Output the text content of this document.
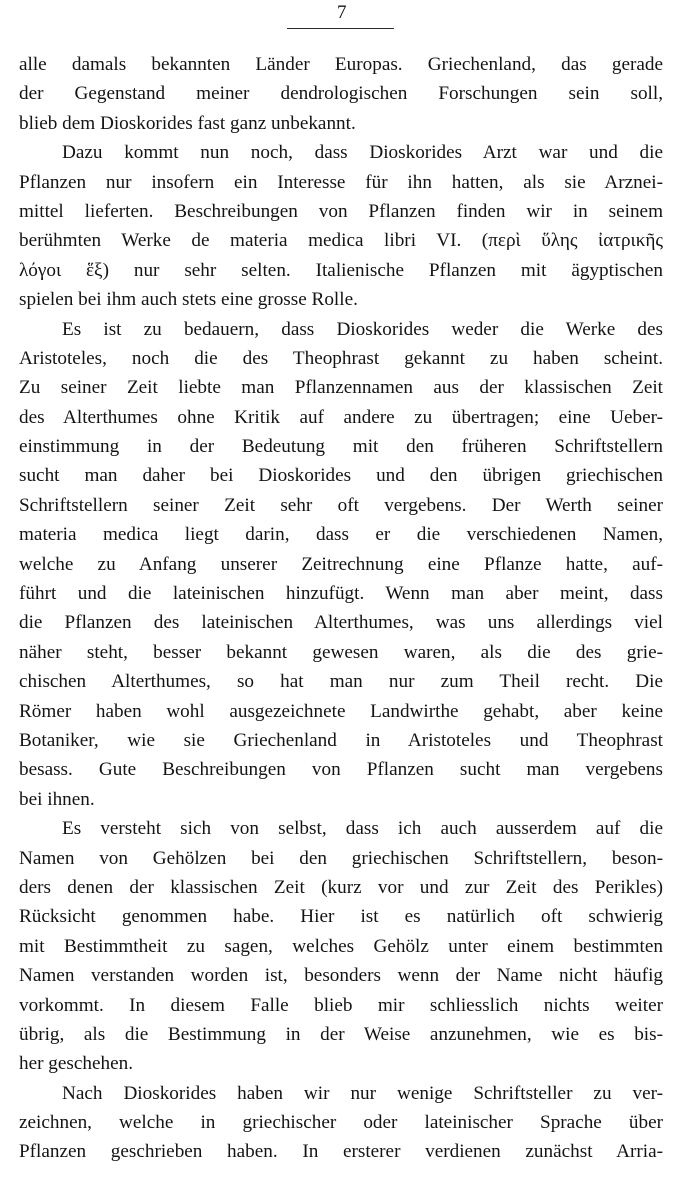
7

alle damals bekannten Länder Europas. Griechenland, das gerade
der Gegenstand meiner dendrologischen Forschungen sein soll,
blieb dem Dioskorides fast ganz unbekannt.

Dazu kommt nun noch, dass Dioskorides Arzt war und die
Pflanzen nur insofern ein Interesse für ihn hatten, als sie Arznei-
mittel lieferten. Beschreibungen von Pflanzen finden wir in seinem
berühmten Werke de materia medica libri VI. (περὶ ὕλης ἰατρικῆς
λόγοι ἕξ) nur sehr selten. Italienische Pflanzen mit ägyptischen
spielen bei ihm auch stets eine grosse Rolle.

Es ist zu bedauern, dass Dioskorides weder die Werke des
Aristoteles, noch die des Theophrast gekannt zu haben scheint.
Zu seiner Zeit liebte man Pflanzennamen aus der klassischen Zeit
des Alterthumes ohne Kritik auf andere zu übertragen; eine Ueber-
einstimmung in der Bedeutung mit den früheren Schriftstellern
sucht man daher bei Dioskorides und den übrigen griechischen
Schriftstellern seiner Zeit sehr oft vergebens. Der Werth seiner
materia medica liegt darin, dass er die verschiedenen Namen,
welche zu Anfang unserer Zeitrechnung eine Pflanze hatte, auf-
führt und die lateinischen hinzufügt. Wenn man aber meint, dass
die Pflanzen des lateinischen Alterthumes, was uns allerdings viel
näher steht, besser bekannt gewesen waren, als die des grie-
chischen Alterthumes, so hat man nur zum Theil recht. Die
Römer haben wohl ausgezeichnete Landwirthe gehabt, aber keine
Botaniker, wie sie Griechenland in Aristoteles und Theophrast
besass. Gute Beschreibungen von Pflanzen sucht man vergebens
bei ihnen.

Es versteht sich von selbst, dass ich auch ausserdem auf die
Namen von Gehölzen bei den griechischen Schriftstellern, beson-
ders denen der klassischen Zeit (kurz vor und zur Zeit des Perikles)
Rücksicht genommen habe. Hier ist es natürlich oft schwierig
mit Bestimmtheit zu sagen, welches Gehölz unter einem bestimmten
Namen verstanden worden ist, besonders wenn der Name nicht häufig
vorkommt. In diesem Falle blieb mir schliesslich nichts weiter
übrig, als die Bestimmung in der Weise anzunehmen, wie es bis-
her geschehen.

Nach Dioskorides haben wir nur wenige Schriftsteller zu ver-
zeichnen, welche in griechischer oder lateinischer Sprache über
Pflanzen geschrieben haben. In ersterer verdienen zunächst Arria-
